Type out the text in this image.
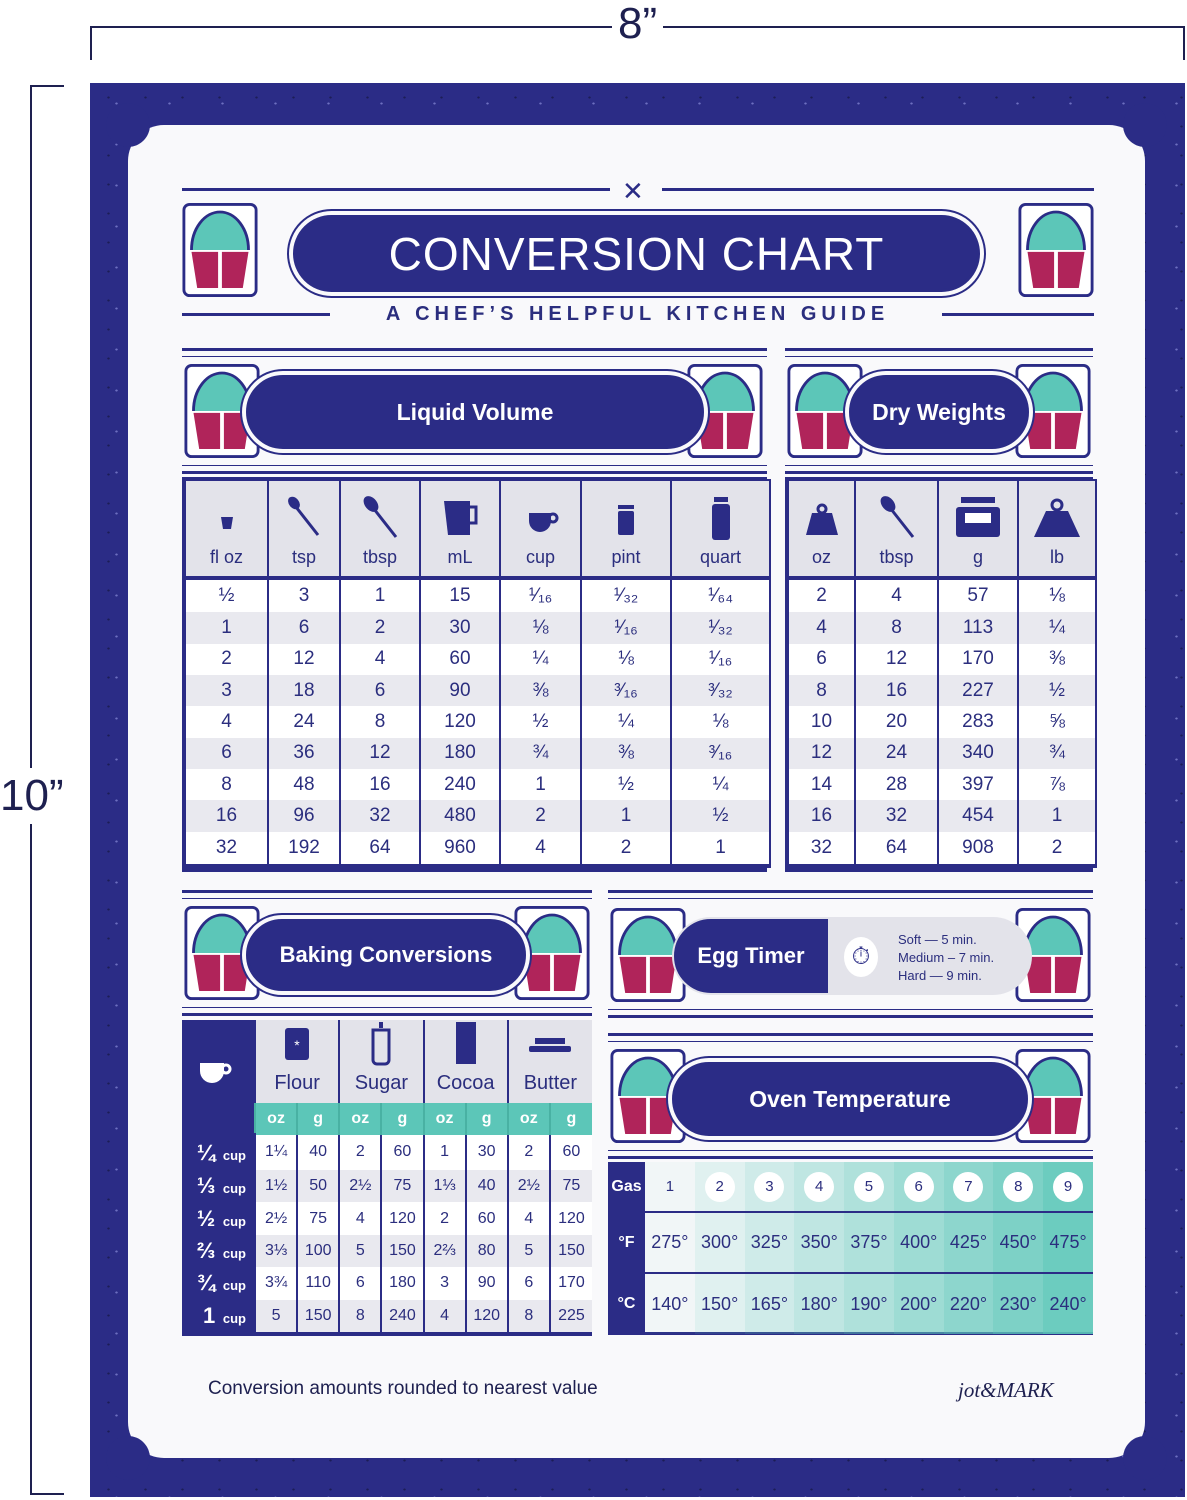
8”
10”
✕
CONVERSION CHART
A CHEF’S HELPFUL KITCHEN GUIDE
Liquid Volume
fl oz	tsp	tbsp	mL	cup	pint	quart
½	3	1	15	¹⁄₁₆	¹⁄₃₂	¹⁄₆₄
1	6	2	30	⅛	¹⁄₁₆	¹⁄₃₂
2	12	4	60	¼	⅛	¹⁄₁₆
3	18	6	90	⅜	³⁄₁₆	³⁄₃₂
4	24	8	120	½	¼	⅛
6	36	12	180	¾	⅜	³⁄₁₆
8	48	16	240	1	½	¼
16	96	32	480	2	1	½
32	192	64	960	4	2	1
Dry Weights
oz	tbsp	g	lb
2	4	57	⅛
4	8	113	¼
6	12	170	⅜
8	16	227	½
10	20	283	⅝
12	24	340	¾
14	28	397	⅞
16	32	454	1
32	64	908	2
Baking Conversions

*
Flour		Sugar		Cocoa		Butter	
	oz	g	oz	g	oz	g	oz	g
¼ cup	1¼	40	2	60	1	30	2	60
⅓ cup	1½	50	2½	75	1⅓	40	2½	75
½ cup	2½	75	4	120	2	60	4	120
⅔ cup	3⅓	100	5	150	2⅔	80	5	150
¾ cup	3¾	110	6	180	3	90	6	170
1 cup	5	150	8	240	4	120	8	225
Egg Timer	⏱
Soft — 5 min.
Medium – 7 min.
Hard — 9 min.
Oven Temperature
Gas	1	2	3	4	5	6	7	8	9
°F	275°	300°	325°	350°	375°	400°	425°	450°	475°
°C	140°	150°	165°	180°	190°	200°	220°	230°	240°
Conversion amounts rounded to nearest value	jot&MARK
